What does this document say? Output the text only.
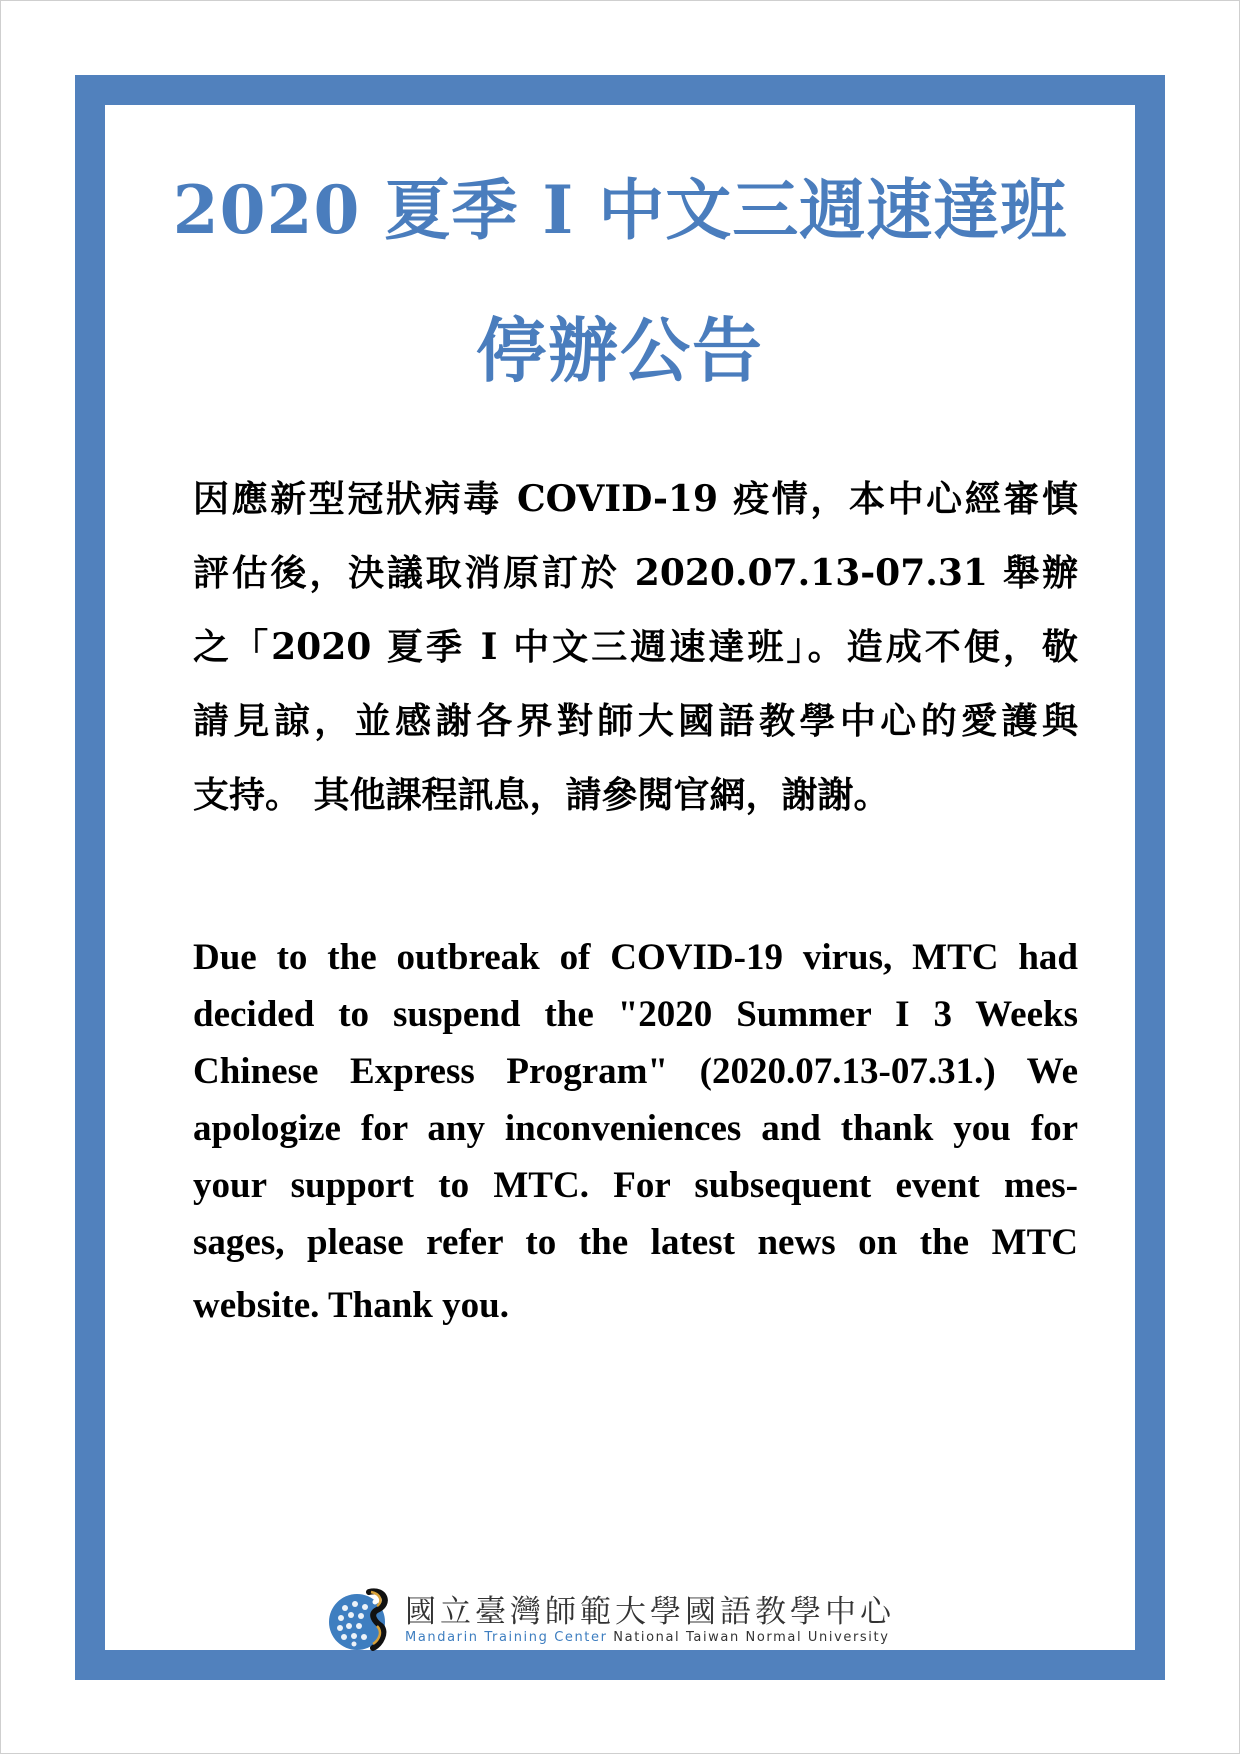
2020 夏季 I 中文三週速達班
停辦公告
因應新型冠狀病毒 COVID-19 疫情，本中心經審慎
評估後，決議取消原訂於 2020.07.13-07.31 舉辦
之「2020 夏季 I 中文三週速達班」。造成不便，敬
請見諒，並感謝各界對師大國語教學中心的愛護與
支持。 其他課程訊息，請參閱官網，謝謝。
Due to the outbreak of COVID-19 virus, MTC had
decided to suspend the "2020 Summer I 3 Weeks
Chinese Express Program" (2020.07.13-07.31.) We
apologize for any inconveniences and thank you for
your support to MTC. For subsequent event mes-
sages, please refer to the latest news on the MTC
website. Thank you.
國立臺灣師範大學國語教學中心
Mandarin Training Center National Taiwan Normal University
